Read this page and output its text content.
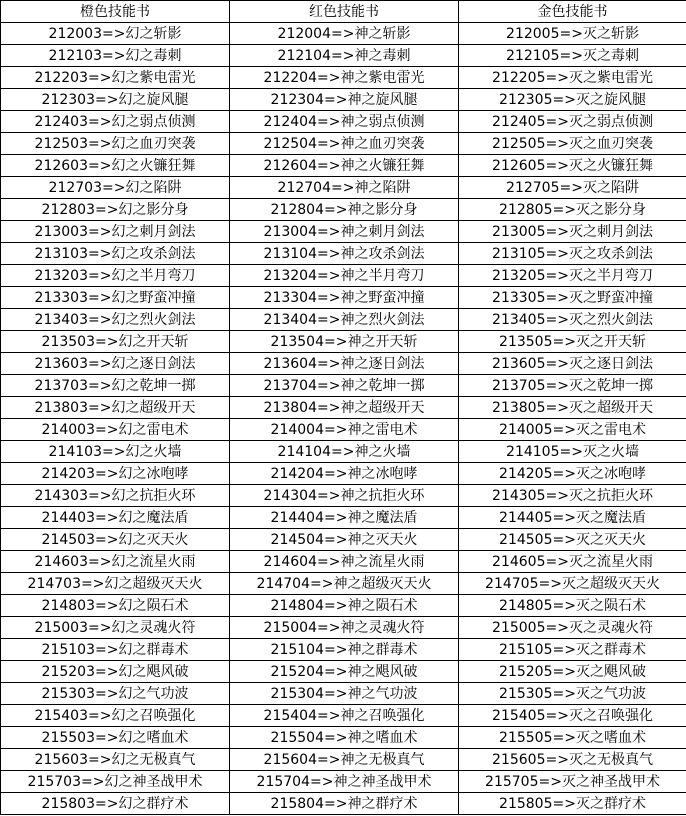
橙色技能书	红色技能书	金色技能书
212003=>幻之斩影	212004=>神之斩影	212005=>灭之斩影
212103=>幻之毒刺	212104=>神之毒刺	212105=>灭之毒刺
212203=>幻之紫电雷光	212204=>神之紫电雷光	212205=>灭之紫电雷光
212303=>幻之旋风腿	212304=>神之旋风腿	212305=>灭之旋风腿
212403=>幻之弱点侦测	212404=>神之弱点侦测	212405=>灭之弱点侦测
212503=>幻之血刃突袭	212504=>神之血刃突袭	212505=>灭之血刃突袭
212603=>幻之火镰狂舞	212604=>神之火镰狂舞	212605=>灭之火镰狂舞
212703=>幻之陷阱	212704=>神之陷阱	212705=>灭之陷阱
212803=>幻之影分身	212804=>神之影分身	212805=>灭之影分身
213003=>幻之刺月剑法	213004=>神之刺月剑法	213005=>灭之刺月剑法
213103=>幻之攻杀剑法	213104=>神之攻杀剑法	213105=>灭之攻杀剑法
213203=>幻之半月弯刀	213204=>神之半月弯刀	213205=>灭之半月弯刀
213303=>幻之野蛮冲撞	213304=>神之野蛮冲撞	213305=>灭之野蛮冲撞
213403=>幻之烈火剑法	213404=>神之烈火剑法	213405=>灭之烈火剑法
213503=>幻之开天斩	213504=>神之开天斩	213505=>灭之开天斩
213603=>幻之逐日剑法	213604=>神之逐日剑法	213605=>灭之逐日剑法
213703=>幻之乾坤一掷	213704=>神之乾坤一掷	213705=>灭之乾坤一掷
213803=>幻之超级开天	213804=>神之超级开天	213805=>灭之超级开天
214003=>幻之雷电术	214004=>神之雷电术	214005=>灭之雷电术
214103=>幻之火墙	214104=>神之火墙	214105=>灭之火墙
214203=>幻之冰咆哮	214204=>神之冰咆哮	214205=>灭之冰咆哮
214303=>幻之抗拒火环	214304=>神之抗拒火环	214305=>灭之抗拒火环
214403=>幻之魔法盾	214404=>神之魔法盾	214405=>灭之魔法盾
214503=>幻之灭天火	214504=>神之灭天火	214505=>灭之灭天火
214603=>幻之流星火雨	214604=>神之流星火雨	214605=>灭之流星火雨
214703=>幻之超级灭天火	214704=>神之超级灭天火	214705=>灭之超级灭天火
214803=>幻之陨石术	214804=>神之陨石术	214805=>灭之陨石术
215003=>幻之灵魂火符	215004=>神之灵魂火符	215005=>灭之灵魂火符
215103=>幻之群毒术	215104=>神之群毒术	215105=>灭之群毒术
215203=>幻之飓风破	215204=>神之飓风破	215205=>灭之飓风破
215303=>幻之气功波	215304=>神之气功波	215305=>灭之气功波
215403=>幻之召唤强化	215404=>神之召唤强化	215405=>灭之召唤强化
215503=>幻之嗜血术	215504=>神之嗜血术	215505=>灭之嗜血术
215603=>幻之无极真气	215604=>神之无极真气	215605=>灭之无极真气
215703=>幻之神圣战甲术	215704=>神之神圣战甲术	215705=>灭之神圣战甲术
215803=>幻之群疗术	215804=>神之群疗术	215805=>灭之群疗术
